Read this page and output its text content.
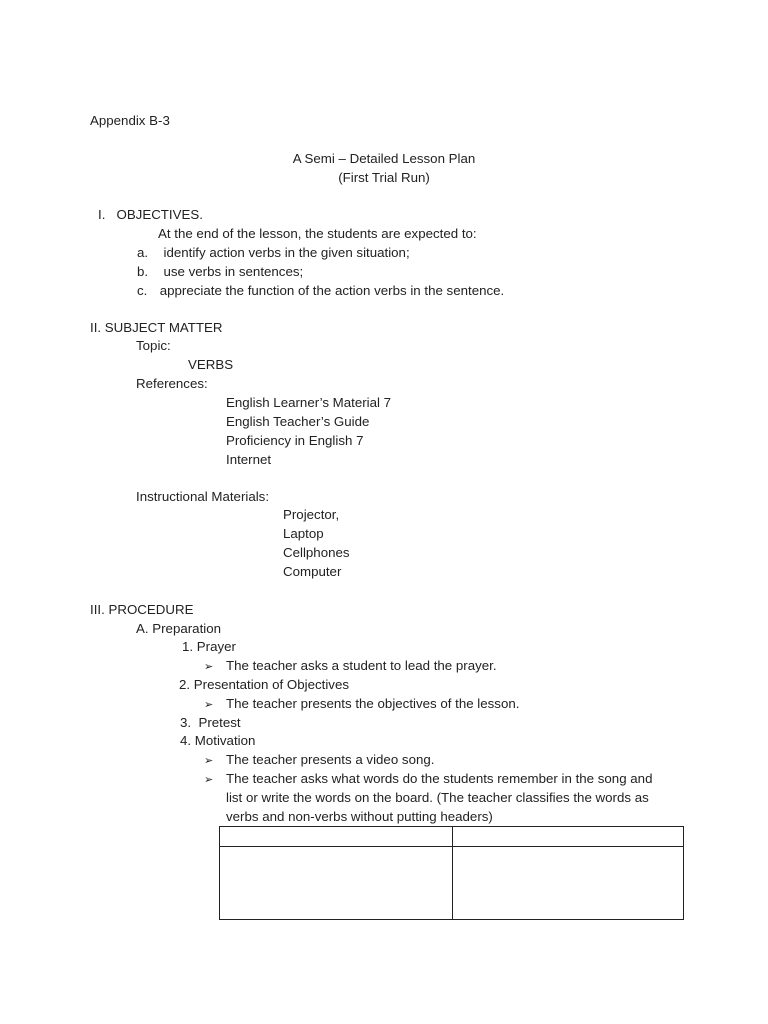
Appendix B-3
A Semi – Detailed Lesson Plan
(First Trial Run)
I.   OBJECTIVES.
At the end of the lesson, the students are expected to:
a. identify action verbs in the given situation;
b. use verbs in sentences;
c. appreciate the function of the action verbs in the sentence.
II. SUBJECT MATTER
Topic:
VERBS
References:
English Learner’s Material 7
English Teacher’s Guide
Proficiency in English 7
Internet
Instructional Materials:
Projector,
Laptop
Cellphones
Computer
III. PROCEDURE
A. Preparation
1. Prayer
➢ The teacher asks a student to lead the prayer.
2. Presentation of Objectives
➢ The teacher presents the objectives of the lesson.
3.  Pretest
4. Motivation
➢ The teacher presents a video song.
➢ The teacher asks what words do the students remember in the song and
list or write the words on the board. (The teacher classifies the words as
verbs and non-verbs without putting headers)
